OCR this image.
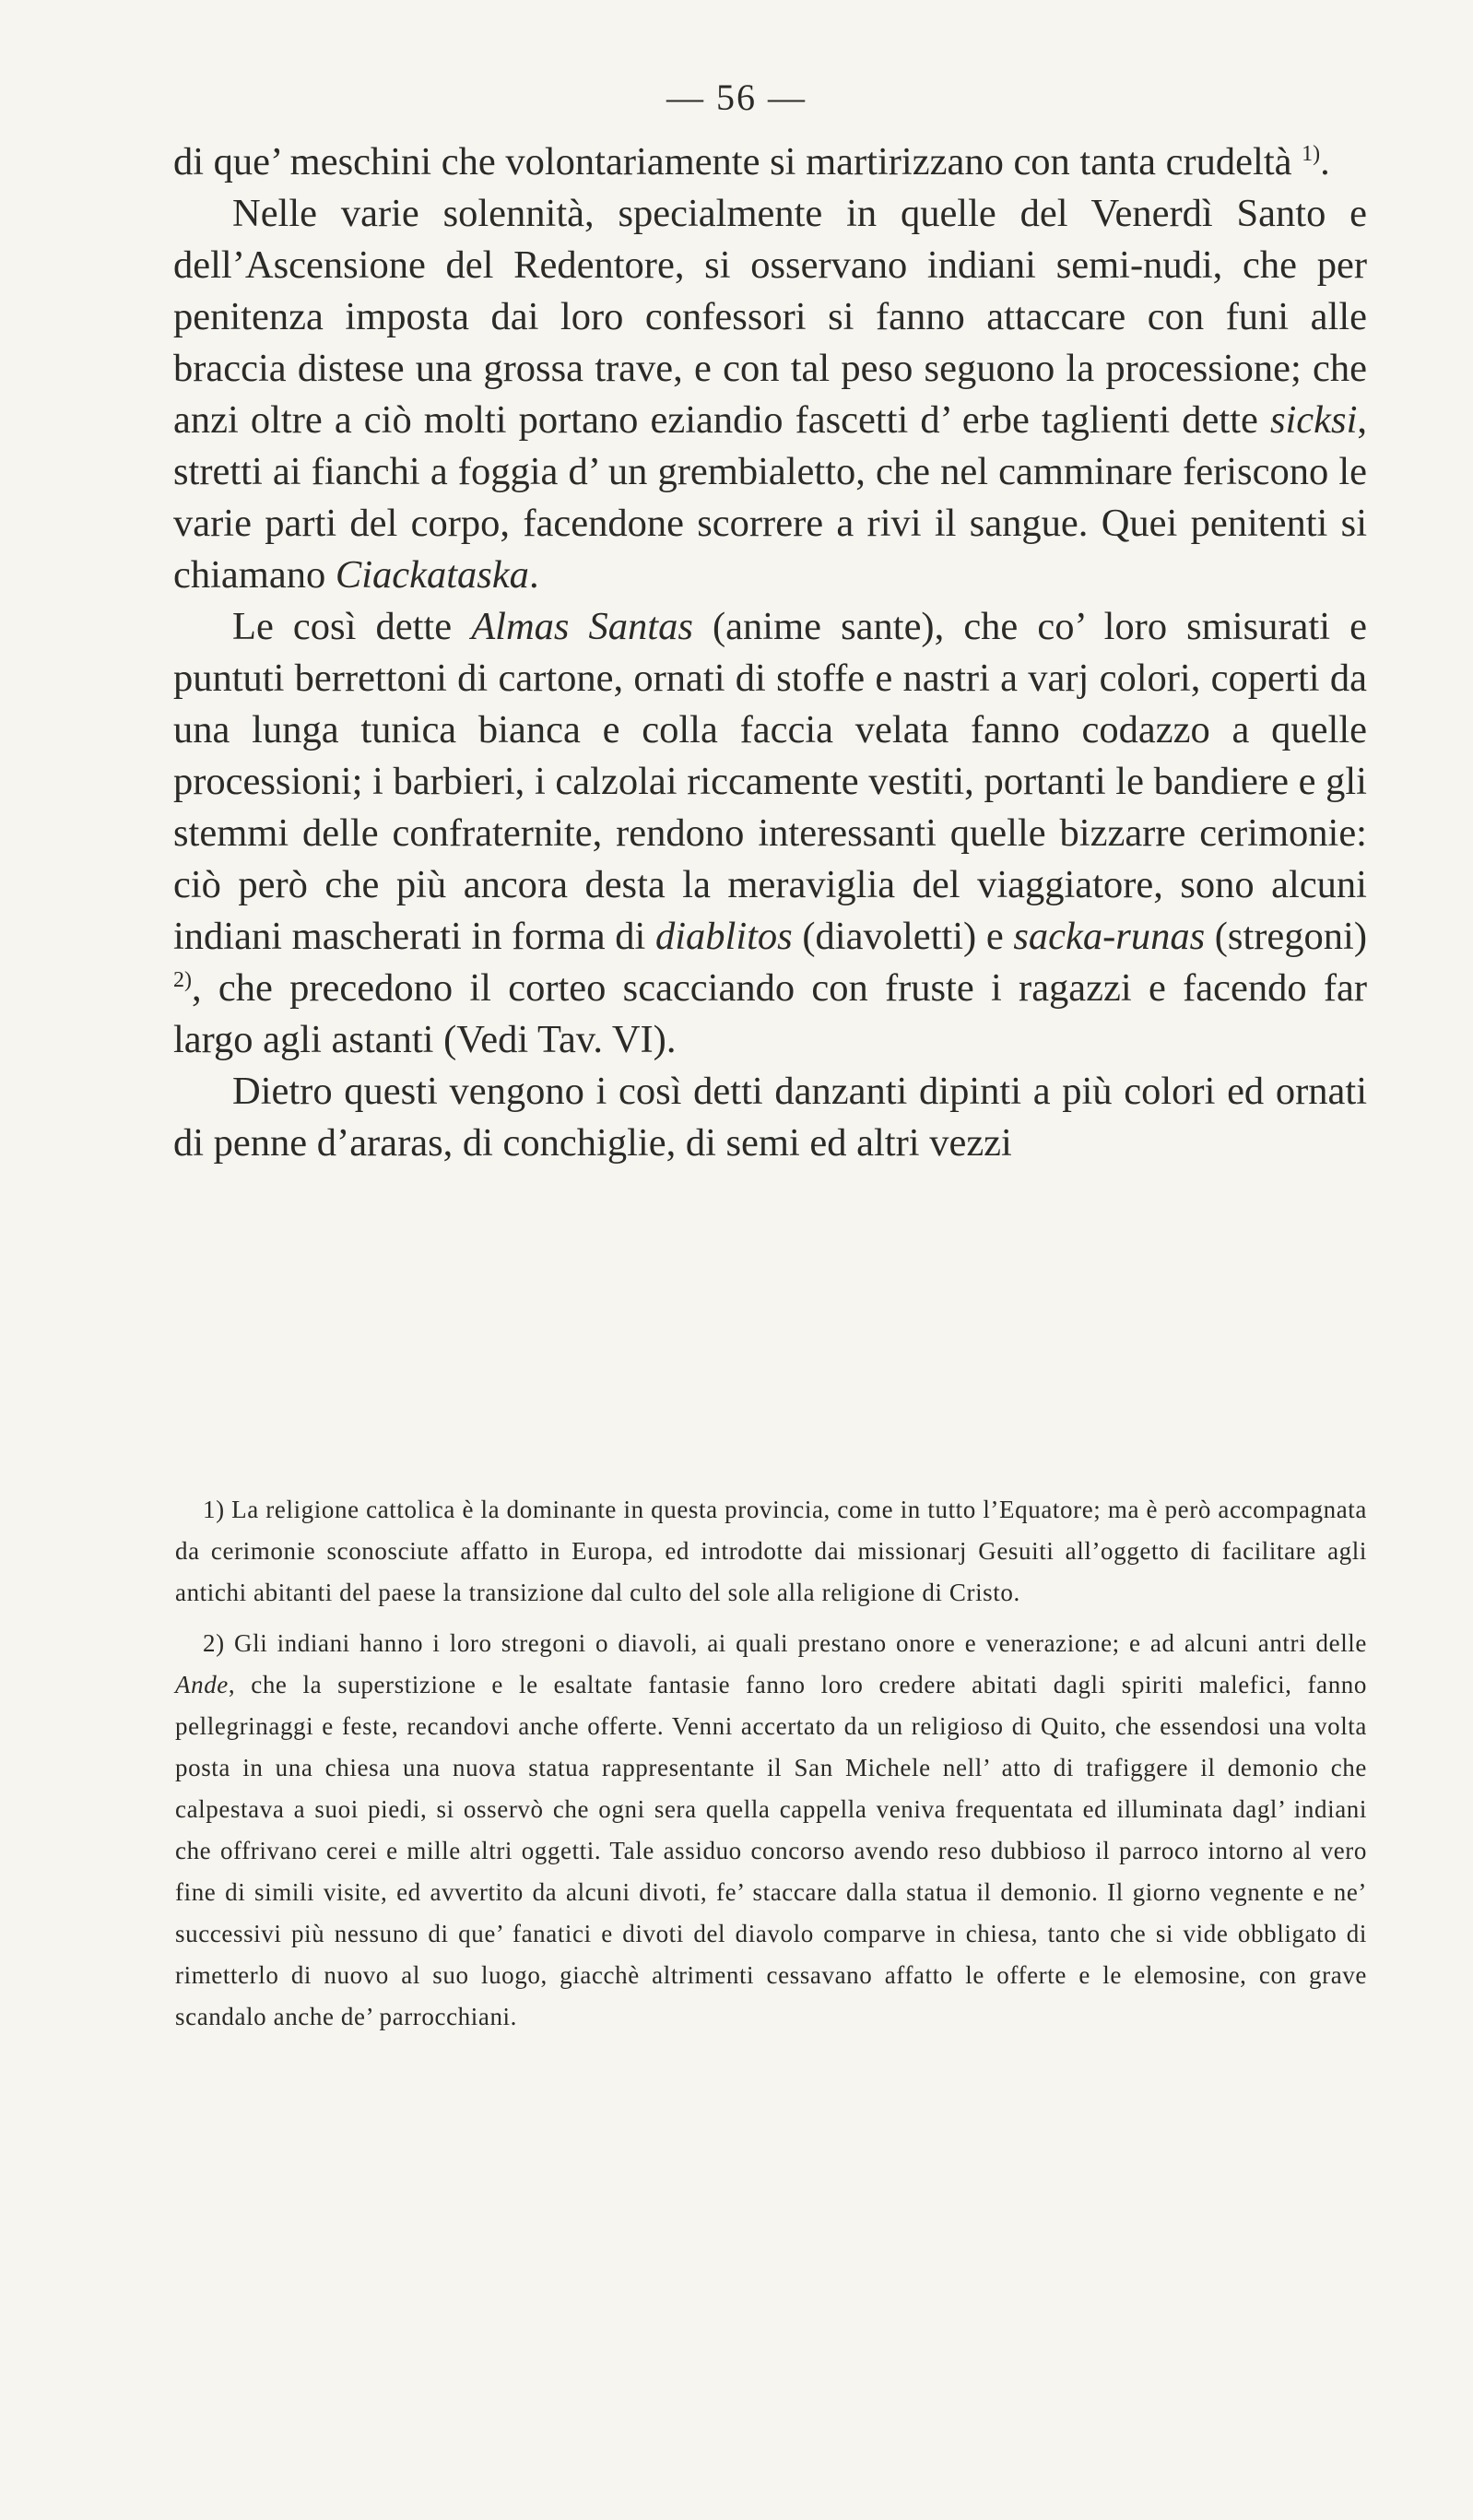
— 56 —

di que’ meschini che volontariamente si martirizzano con tanta crudeltà $^{1)}$.

Nelle varie solennità, specialmente in quelle del Venerdì Santo e dell’Ascensione del Redentore, si osservano indiani semi-nudi, che per penitenza imposta dai loro confessori si fanno attaccare con funi alle braccia distese una grossa trave, e con tal peso seguono la processione; che anzi oltre a ciò molti portano eziandio fascetti d’ erbe taglienti dette sicksi, stretti ai fianchi a foggia d’ un grembialetto, che nel camminare feriscono le varie parti del corpo, facendone scorrere a rivi il sangue. Quei penitenti si chiamano Ciackataska.

Le così dette Almas Santas (anime sante), che co’ loro smisurati e puntuti berrettoni di cartone, ornati di stoffe e nastri a varj colori, coperti da una lunga tunica bianca e colla faccia velata fanno codazzo a quelle processioni; i barbieri, i calzolai riccamente vestiti, portanti le bandiere e gli stemmi delle confraternite, rendono interessanti quelle bizzarre cerimonie: ciò però che più ancora desta la meraviglia del viaggiatore, sono alcuni indiani mascherati in forma di diablitos (diavoletti) e sacka-runas (stregoni) $^{2)}$, che precedono il corteo scacciando con fruste i ragazzi e facendo far largo agli astanti (Vedi Tav. VI).

Dietro questi vengono i così detti danzanti dipinti a più colori ed ornati di penne d’araras, di conchiglie, di semi ed altri vezzi

1) La religione cattolica è la dominante in questa provincia, come in tutto l’Equatore; ma è però accompagnata da cerimonie sconosciute affatto in Europa, ed introdotte dai missionarj Gesuiti all’oggetto di facilitare agli antichi abitanti del paese la transizione dal culto del sole alla religione di Cristo.

2) Gli indiani hanno i loro stregoni o diavoli, ai quali prestano onore e venerazione; e ad alcuni antri delle Ande, che la superstizione e le esaltate fantasie fanno loro credere abitati dagli spiriti malefici, fanno pellegrinaggi e feste, recandovi anche offerte. Venni accertato da un religioso di Quito, che essendosi una volta posta in una chiesa una nuova statua rappresentante il San Michele nell’ atto di trafiggere il demonio che calpestava a suoi piedi, si osservò che ogni sera quella cappella veniva frequentata ed illuminata dagl’ indiani che offrivano cerei e mille altri oggetti. Tale assiduo concorso avendo reso dubbioso il parroco intorno al vero fine di simili visite, ed avvertito da alcuni divoti, fe’ staccare dalla statua il demonio. Il giorno vegnente e ne’ successivi più nessuno di que’ fanatici e divoti del diavolo comparve in chiesa, tanto che si vide obbligato di rimetterlo di nuovo al suo luogo, giacchè altrimenti cessavano affatto le offerte e le elemosine, con grave scandalo anche de’ parrocchiani.
